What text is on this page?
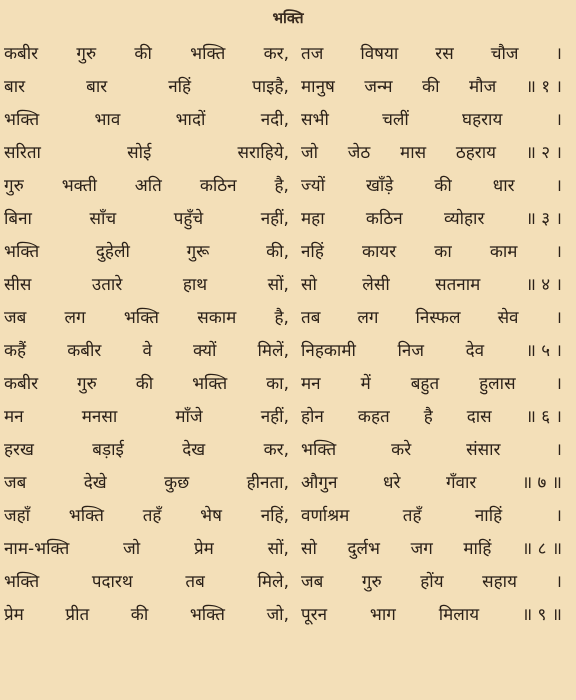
भक्ति
कबीर गुरु की भक्ति कर, तज विषया रस चौज ।
बार	बार	नहिं	पाइहै, मानुष जन्म की मौज ॥ १ ।
भक्ति	भाव	भादों	नदी, सभी	चलीं	घहराय	।
सरिता	सोई	सराहिये, जो जेठ मास ठहराय ॥ २ ।
गुरु भक्ती अति कठिन है, ज्यों खाँड़े की धार ।
बिना	साँच	पहुँचे	नहीं, महा कठिन व्योहार ॥ ३ ।
भक्ति	दुहेली	गुरू	की, नहिं कायर का काम ।
सीस	उतारे	हाथ	सों, सो	लेसी	सतनाम	॥ ४ ।
जब लग भक्ति सकाम है, तब लग निस्फल सेव ।
कहैं कबीर वे क्यों मिलें, निहकामी निज देव ॥ ५ ।
कबीर गुरु की भक्ति का, मन में बहुत हुलास ।
मन	मनसा	माँजे	नहीं, होन कहत है दास ॥ ६ ।
हरख	बड़ाई	देख	कर, भक्ति	करे	संसार	।
जब	देखे	कुछ	हीनता, औगुन	धरे	गँवार	॥ ७ ॥
जहाँ भक्ति तहँ भेष नहिं, वर्णाश्रम	तहँ	नाहिं	।
नाम-भक्ति	जो	प्रेम	सों, सो दुर्लभ जग माहिं ॥ ८ ॥
भक्ति	पदारथ	तब	मिले, जब गुरु होंय सहाय ।
प्रेम प्रीत की भक्ति जो, पूरन	भाग	मिलाय	॥ ९ ॥
